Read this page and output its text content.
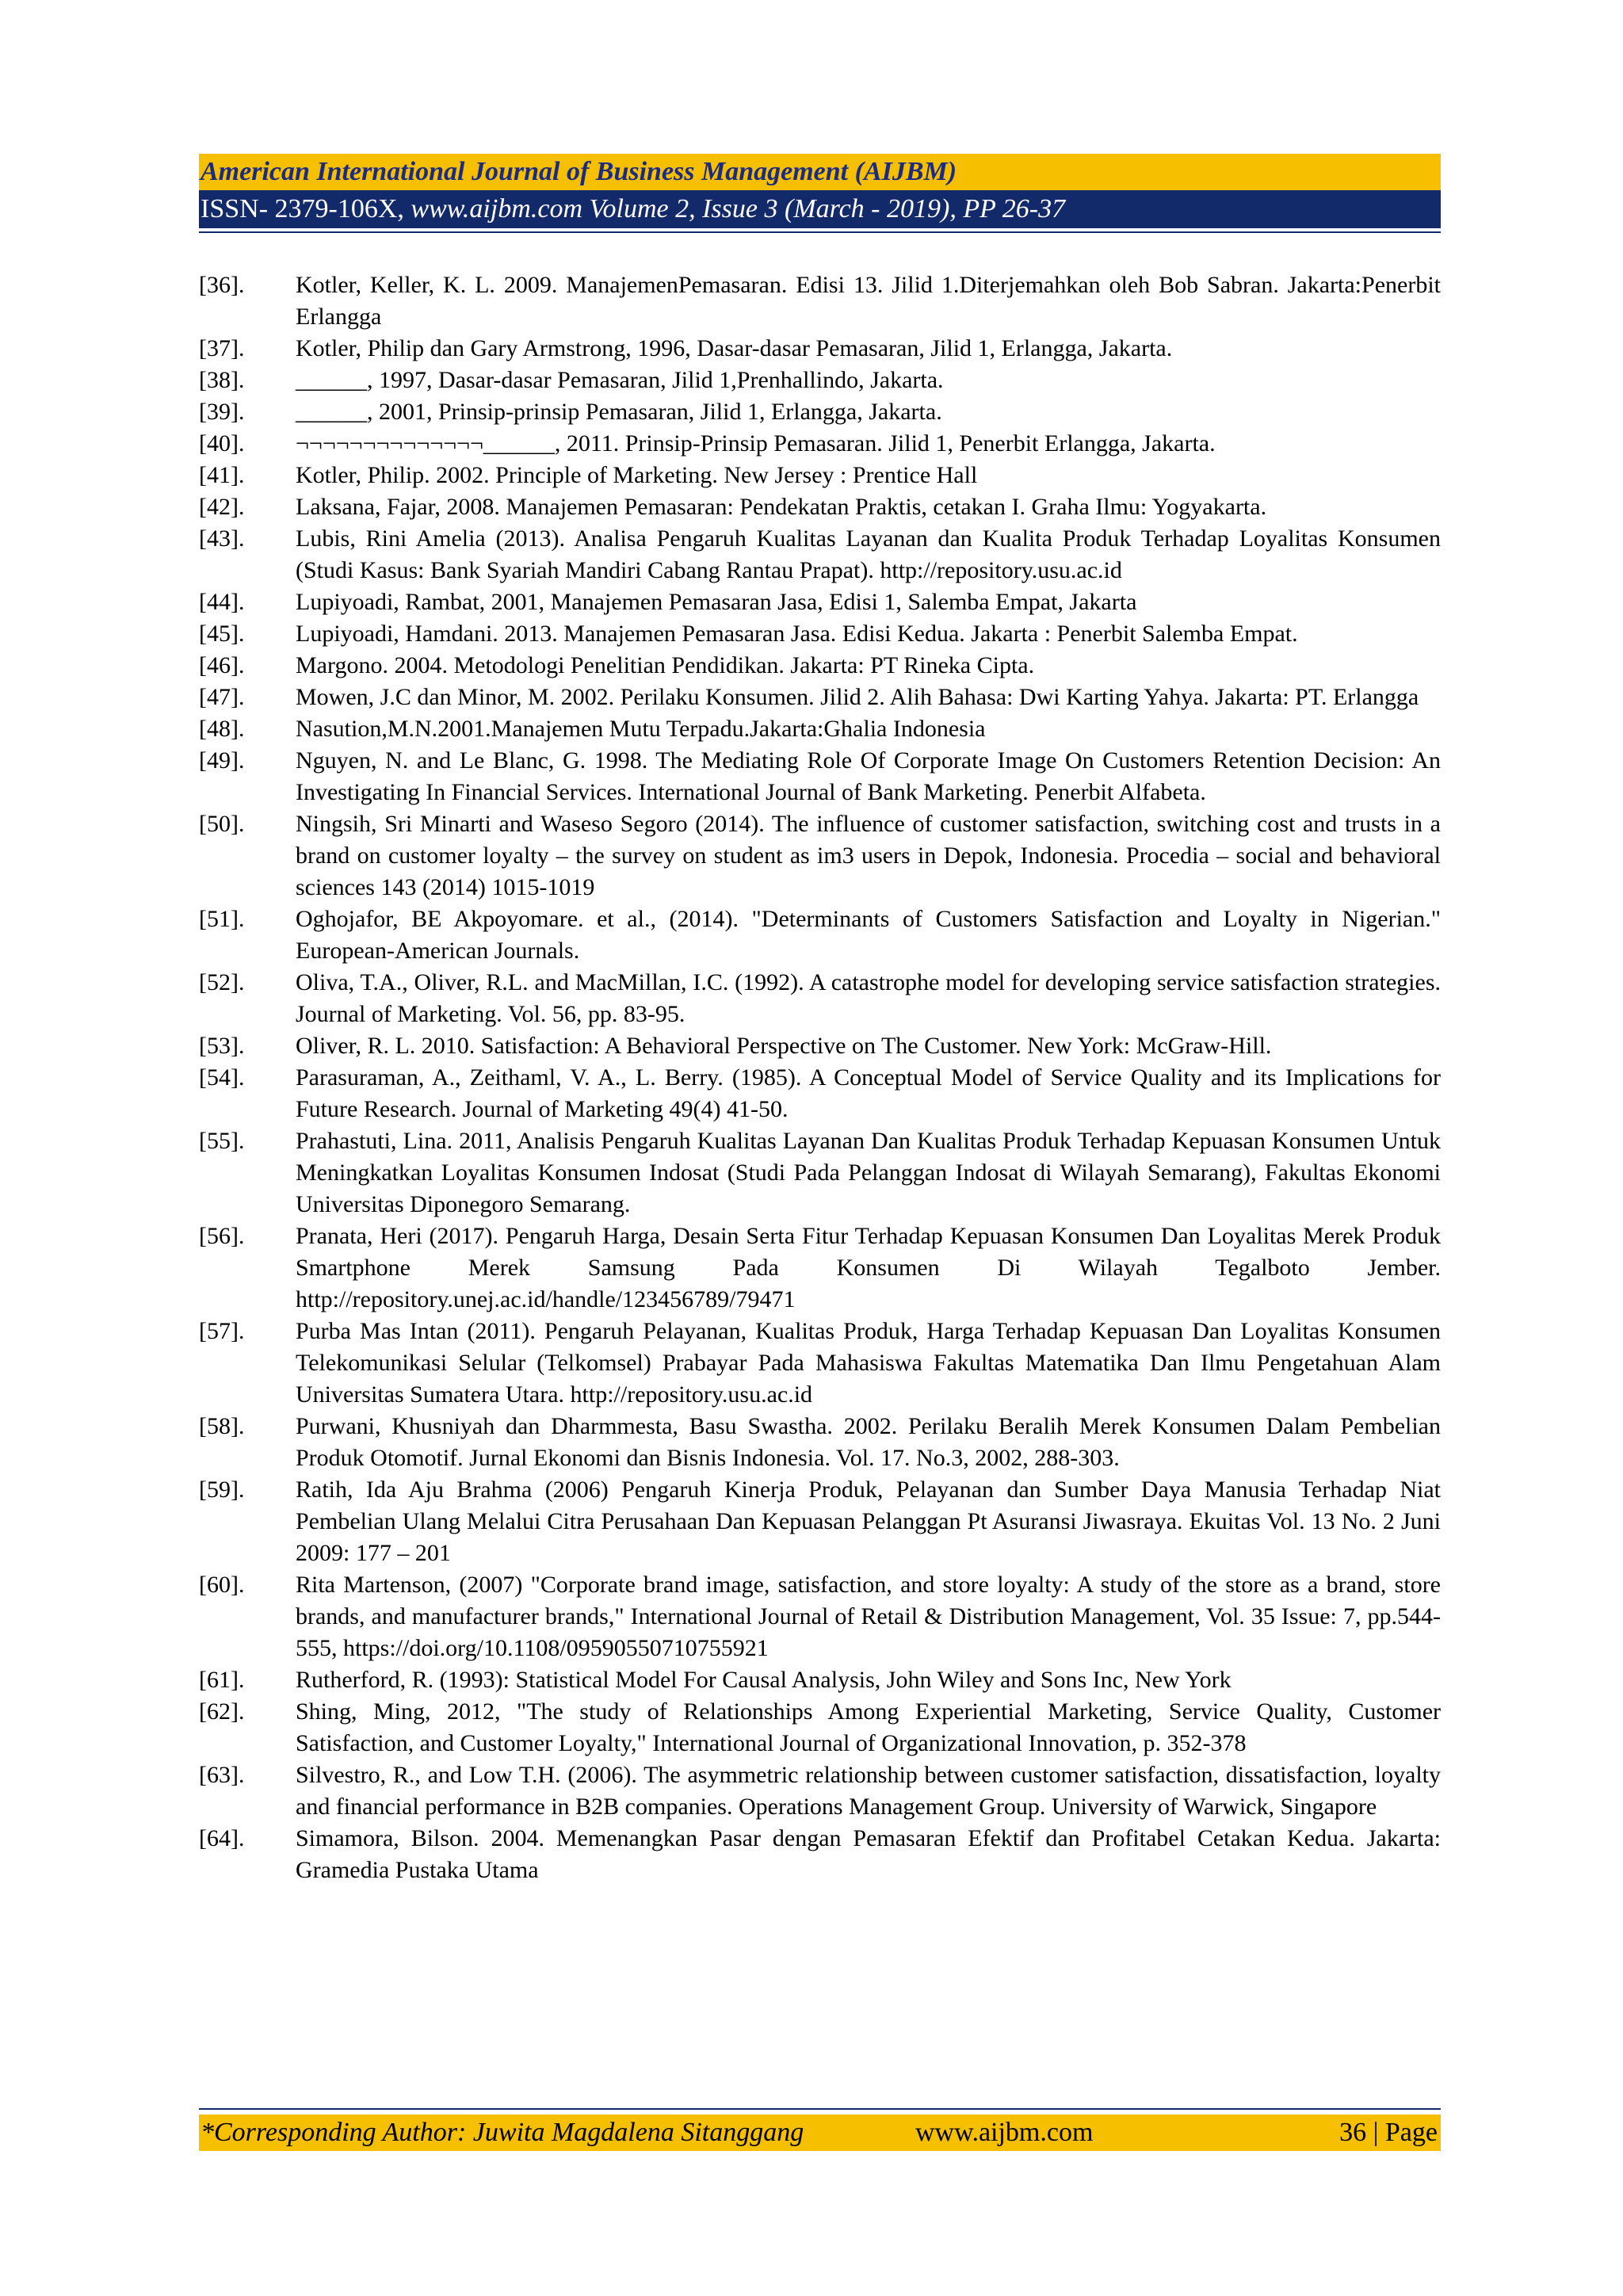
American International Journal of Business Management (AIJBM)
ISSN- 2379-106X, www.aijbm.com Volume 2, Issue 3 (March - 2019), PP 26-37
[36].	Kotler, Keller, K. L. 2009. ManajemenPemasaran. Edisi 13. Jilid 1.Diterjemahkan oleh Bob Sabran. Jakarta:Penerbit Erlangga
[37].	Kotler, Philip dan Gary Armstrong, 1996, Dasar-dasar Pemasaran, Jilid 1, Erlangga, Jakarta.
[38].	______, 1997, Dasar-dasar Pemasaran, Jilid 1,Prenhallindo, Jakarta.
[39].	______, 2001, Prinsip-prinsip Pemasaran, Jilid 1, Erlangga, Jakarta.
[40].	¬¬¬¬¬¬¬¬¬¬¬¬¬¬______, 2011. Prinsip-Prinsip Pemasaran. Jilid 1, Penerbit Erlangga, Jakarta.
[41].	Kotler, Philip. 2002. Principle of Marketing. New Jersey : Prentice Hall
[42].	Laksana, Fajar, 2008. Manajemen Pemasaran: Pendekatan Praktis, cetakan I. Graha Ilmu: Yogyakarta.
[43].	Lubis, Rini Amelia (2013). Analisa Pengaruh Kualitas Layanan dan Kualita Produk Terhadap Loyalitas Konsumen (Studi Kasus: Bank Syariah Mandiri Cabang Rantau Prapat). http://repository.usu.ac.id
[44].	Lupiyoadi, Rambat, 2001, Manajemen Pemasaran Jasa, Edisi 1, Salemba Empat, Jakarta
[45].	Lupiyoadi, Hamdani. 2013. Manajemen Pemasaran Jasa. Edisi Kedua. Jakarta : Penerbit Salemba Empat.
[46].	Margono. 2004. Metodologi Penelitian Pendidikan. Jakarta: PT Rineka Cipta.
[47].	Mowen, J.C dan Minor, M. 2002. Perilaku Konsumen. Jilid 2. Alih Bahasa: Dwi Karting Yahya. Jakarta: PT. Erlangga
[48].	Nasution,M.N.2001.Manajemen Mutu Terpadu.Jakarta:Ghalia Indonesia
[49].	Nguyen, N. and Le Blanc, G. 1998. The Mediating Role Of Corporate Image On Customers Retention Decision: An Investigating In Financial Services. International Journal of Bank Marketing. Penerbit Alfabeta.
[50].	Ningsih, Sri Minarti and Waseso Segoro (2014). The influence of customer satisfaction, switching cost and trusts in a brand on customer loyalty – the survey on student as im3 users in Depok, Indonesia. Procedia – social and behavioral sciences 143 (2014) 1015-1019
[51].	Oghojafor, BE Akpoyomare. et al., (2014). "Determinants of Customers Satisfaction and Loyalty in Nigerian." European-American Journals.
[52].	Oliva, T.A., Oliver, R.L. and MacMillan, I.C. (1992). A catastrophe model for developing service satisfaction strategies. Journal of Marketing. Vol. 56, pp. 83-95.
[53].	Oliver, R. L. 2010. Satisfaction: A Behavioral Perspective on The Customer. New York: McGraw-Hill.
[54].	Parasuraman, A., Zeithaml, V. A., L. Berry. (1985). A Conceptual Model of Service Quality and its Implications for Future Research. Journal of Marketing 49(4) 41-50.
[55].	Prahastuti, Lina. 2011, Analisis Pengaruh Kualitas Layanan Dan Kualitas Produk Terhadap Kepuasan Konsumen Untuk Meningkatkan Loyalitas Konsumen Indosat (Studi Pada Pelanggan Indosat di Wilayah Semarang), Fakultas Ekonomi Universitas Diponegoro Semarang.
[56].	Pranata, Heri (2017). Pengaruh Harga, Desain Serta Fitur Terhadap Kepuasan Konsumen Dan Loyalitas Merek Produk Smartphone Merek Samsung Pada Konsumen Di Wilayah Tegalboto Jember. http://repository.unej.ac.id/handle/123456789/79471
[57].	Purba Mas Intan (2011). Pengaruh Pelayanan, Kualitas Produk, Harga Terhadap Kepuasan Dan Loyalitas Konsumen Telekomunikasi Selular (Telkomsel) Prabayar Pada Mahasiswa Fakultas Matematika Dan Ilmu Pengetahuan Alam Universitas Sumatera Utara. http://repository.usu.ac.id
[58].	Purwani, Khusniyah dan Dharmmesta, Basu Swastha. 2002. Perilaku Beralih Merek Konsumen Dalam Pembelian Produk Otomotif. Jurnal Ekonomi dan Bisnis Indonesia. Vol. 17. No.3, 2002, 288-303.
[59].	Ratih, Ida Aju Brahma (2006) Pengaruh Kinerja Produk, Pelayanan dan Sumber Daya Manusia Terhadap Niat Pembelian Ulang Melalui Citra Perusahaan Dan Kepuasan Pelanggan Pt Asuransi Jiwasraya. Ekuitas Vol. 13 No. 2 Juni 2009: 177 – 201
[60].	Rita Martenson, (2007) "Corporate brand image, satisfaction, and store loyalty: A study of the store as a brand, store brands, and manufacturer brands," International Journal of Retail & Distribution Management, Vol. 35 Issue: 7, pp.544-555, https://doi.org/10.1108/09590550710755921
[61].	Rutherford, R. (1993): Statistical Model For Causal Analysis, John Wiley and Sons Inc, New York
[62].	Shing, Ming, 2012, "The study of Relationships Among Experiential Marketing, Service Quality, Customer Satisfaction, and Customer Loyalty," International Journal of Organizational Innovation, p. 352-378
[63].	Silvestro, R., and Low T.H. (2006). The asymmetric relationship between customer satisfaction, dissatisfaction, loyalty and financial performance in B2B companies. Operations Management Group. University of Warwick, Singapore
[64].	Simamora, Bilson. 2004. Memenangkan Pasar dengan Pemasaran Efektif dan Profitabel Cetakan Kedua. Jakarta: Gramedia Pustaka Utama
*Corresponding Author: Juwita Magdalena Sitanggang	www.aijbm.com	36 | Page
